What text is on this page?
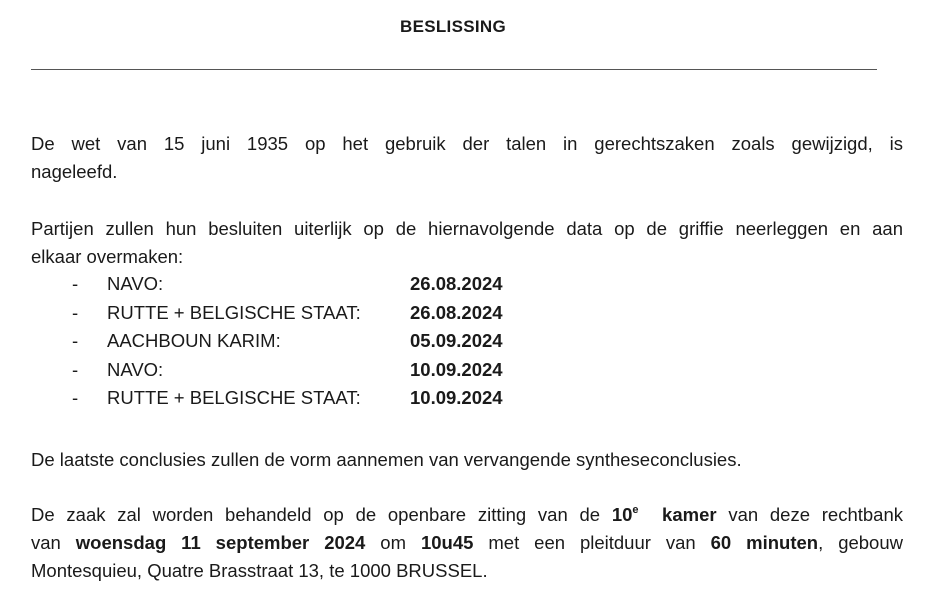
BESLISSING
De wet van 15 juni 1935 op het gebruik der talen in gerechtszaken zoals gewijzigd, is
nageleefd.
Partijen zullen hun besluiten uiterlijk op de hiernavolgende data op de griffie neerleggen en aan
elkaar overmaken:
- NAVO:	26.08.2024
- RUTTE + BELGISCHE STAAT:	26.08.2024
- AACHBOUN KARIM:	05.09.2024
- NAVO:	10.09.2024
- RUTTE + BELGISCHE STAAT:	10.09.2024
De laatste conclusies zullen de vorm aannemen van vervangende syntheseconclusies.
De zaak zal worden behandeld op de openbare zitting van de 10e kamer van deze rechtbank
van woensdag 11 september 2024 om 10u45 met een pleitduur van 60 minuten, gebouw
Montesquieu, Quatre Brasstraat 13, te 1000 BRUSSEL.
